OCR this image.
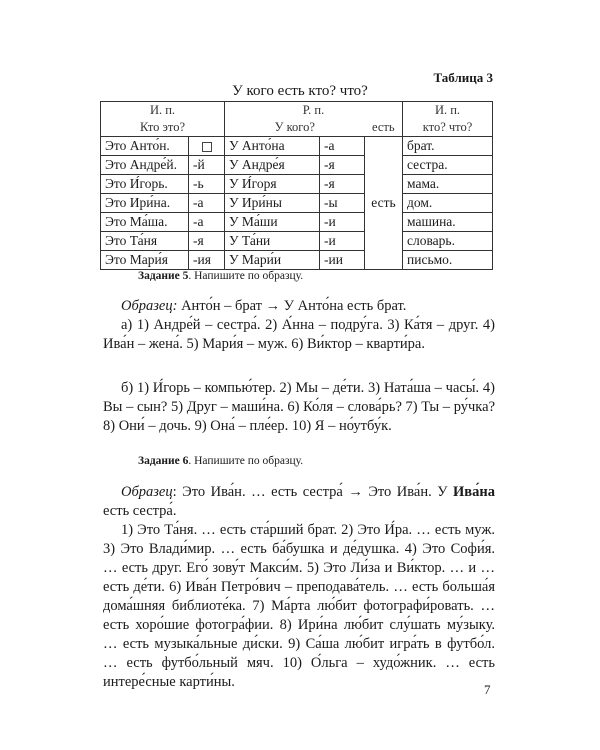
Таблица 3
У кого есть кто? что?
И. п.		Р. п.			И. п.
Кто это?		У кого?		есть	кто? что?
Это Анто́н.		У Анто́на	-а	есть	брат.
Это Андре́й.	-й	У Андре́я	-я		сестра.
Это И́горь.	-ь	У И́горя	-я		мама.
Это Ири́на.	-а	У Ири́ны	-ы		дом.
Это Ма́ша.	-а	У Ма́ши	-и		машина.
Это Та́ня	-я	У Та́ни	-и		словарь.
Это Мари́я	-ия	У Мари́и	-ии		письмо.
Задание 5. Напишите по образцу.

Образец: Анто́н – брат → У Анто́на есть брат.

а) 1) Андре́й – сестра́. 2) А́нна – подру́га. 3) Ка́тя – друг. 4) Ива́н – жена́. 5) Мари́я – муж. 6) Ви́ктор – кварти́ра.

б) 1) И́горь – компью́тер. 2) Мы – де́ти. 3) Ната́ша – часы́. 4) Вы – сын? 5) Друг – маши́на. 6) Ко́ля – слова́рь? 7) Ты – ру́чка? 8) Они́ – дочь. 9) Она́ – пле́ер. 10) Я – но́утбу́к.

Задание 6. Напишите по образцу.

Образец: Это Ива́н. … есть сестра́ → Это Ива́н. У Ива́на есть сестра́.

1) Это Та́ня. … есть ста́рший брат. 2) Это И́ра. … есть муж. 3) Это Влади́мир. … есть ба́бушка и де́душка. 4) Это Софи́я. … есть друг. Его́ зову́т Макси́м. 5) Это Ли́за и Ви́ктор. … и … есть де́ти. 6) Ива́н Петро́вич – преподава́тель. … есть больша́я дома́шняя библиоте́ка. 7) Ма́рта лю́бит фотографи́ровать. … есть хоро́шие фотогра́фии. 8) Ири́на лю́бит слу́шать му́зыку. … есть музыка́льные ди́ски. 9) Са́ша лю́бит игра́ть в футбо́л. … есть футбо́льный мяч. 10) О́льга – худо́жник. … есть интере́сные карти́ны.	7
